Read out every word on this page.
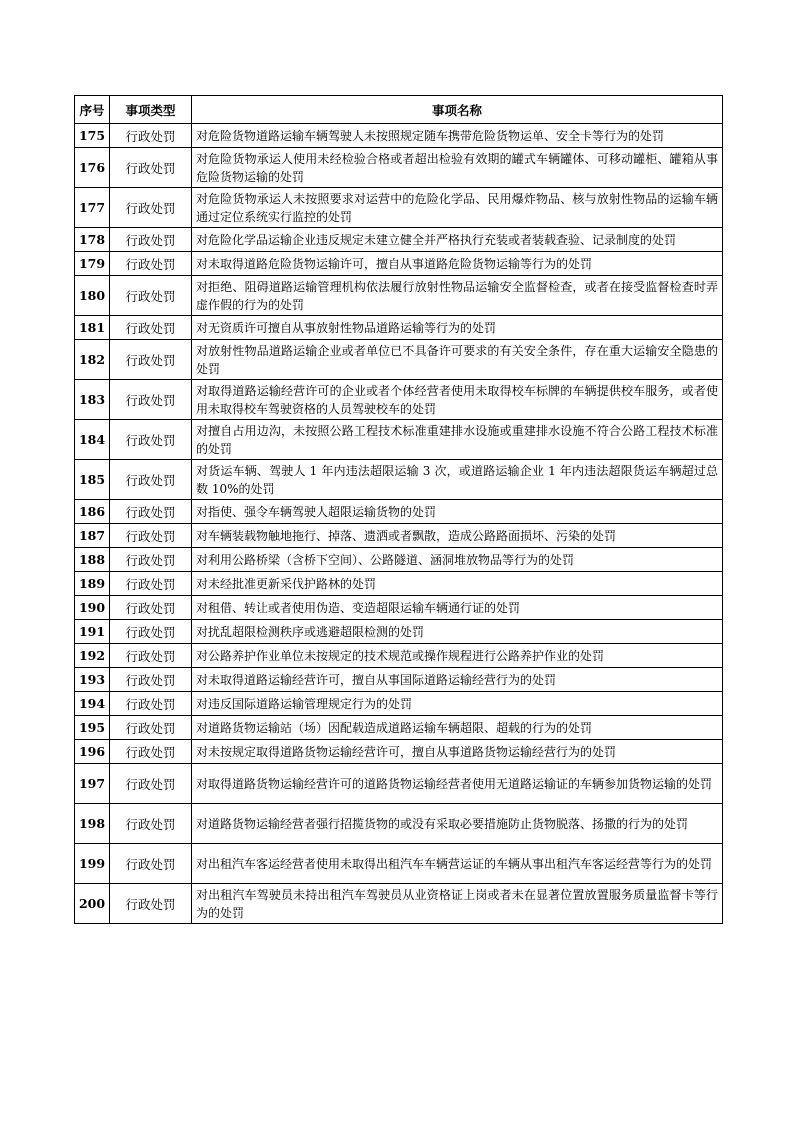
序号	事项类型	事项名称
175	行政处罚	对危险货物道路运输车辆驾驶人未按照规定随车携带危险货物运单、安全卡等行为的处罚
176	行政处罚	对危险货物承运人使用未经检验合格或者超出检验有效期的罐式车辆罐体、可移动罐柜、罐箱从事危险货物运输的处罚
177	行政处罚	对危险货物承运人未按照要求对运营中的危险化学品、民用爆炸物品、核与放射性物品的运输车辆通过定位系统实行监控的处罚
178	行政处罚	对危险化学品运输企业违反规定未建立健全并严格执行充装或者装载查验、记录制度的处罚
179	行政处罚	对未取得道路危险货物运输许可，擅自从事道路危险货物运输等行为的处罚
180	行政处罚	对拒绝、阻碍道路运输管理机构依法履行放射性物品运输安全监督检查，或者在接受监督检查时弄虚作假的行为的处罚
181	行政处罚	对无资质许可擅自从事放射性物品道路运输等行为的处罚
182	行政处罚	对放射性物品道路运输企业或者单位已不具备许可要求的有关安全条件，存在重大运输安全隐患的处罚
183	行政处罚	对取得道路运输经营许可的企业或者个体经营者使用未取得校车标牌的车辆提供校车服务，或者使用未取得校车驾驶资格的人员驾驶校车的处罚
184	行政处罚	对擅自占用边沟，未按照公路工程技术标准重建排水设施或重建排水设施不符合公路工程技术标准的处罚
185	行政处罚	对货运车辆、驾驶人 1 年内违法超限运输 3 次，或道路运输企业 1 年内违法超限货运车辆超过总数 10%的处罚
186	行政处罚	对指使、强令车辆驾驶人超限运输货物的处罚
187	行政处罚	对车辆装载物触地拖行、掉落、遗洒或者飘散，造成公路路面损坏、污染的处罚
188	行政处罚	对利用公路桥梁（含桥下空间）、公路隧道、涵洞堆放物品等行为的处罚
189	行政处罚	对未经批准更新采伐护路林的处罚
190	行政处罚	对租借、转让或者使用伪造、变造超限运输车辆通行证的处罚
191	行政处罚	对扰乱超限检测秩序或逃避超限检测的处罚
192	行政处罚	对公路养护作业单位未按规定的技术规范或操作规程进行公路养护作业的处罚
193	行政处罚	对未取得道路运输经营许可，擅自从事国际道路运输经营行为的处罚
194	行政处罚	对违反国际道路运输管理规定行为的处罚
195	行政处罚	对道路货物运输站（场）因配载造成道路运输车辆超限、超载的行为的处罚
196	行政处罚	对未按规定取得道路货物运输经营许可，擅自从事道路货物运输经营行为的处罚
197	行政处罚	对取得道路货物运输经营许可的道路货物运输经营者使用无道路运输证的车辆参加货物运输的处罚
198	行政处罚	对道路货物运输经营者强行招揽货物的或没有采取必要措施防止货物脱落、扬撒的行为的处罚
199	行政处罚	对出租汽车客运经营者使用未取得出租汽车车辆营运证的车辆从事出租汽车客运经营等行为的处罚
200	行政处罚	对出租汽车驾驶员未持出租汽车驾驶员从业资格证上岗或者未在显著位置放置服务质量监督卡等行为的处罚
